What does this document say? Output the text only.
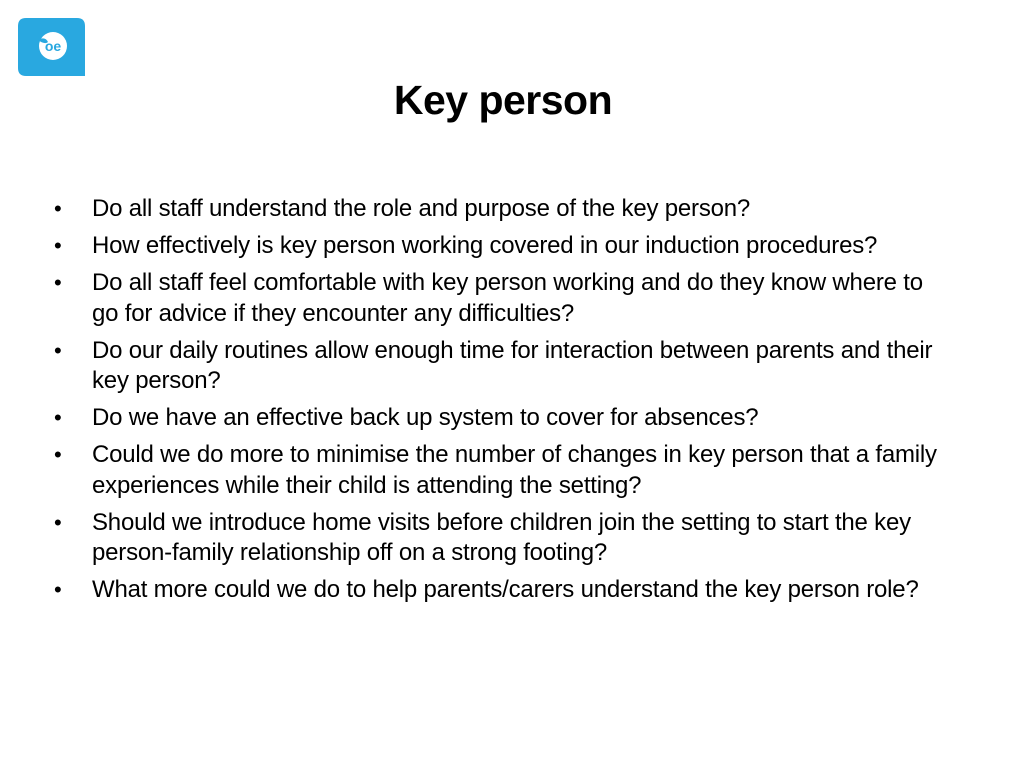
oe
Key person
• Do all staff understand the role and purpose of the key person?
• How effectively is key person working covered in our induction procedures?
• Do all staff feel comfortable with key person working and do they know where to go for advice if they encounter any difficulties?
• Do our daily routines allow enough time for interaction between parents and their key person?
• Do we have an effective back up system to cover for absences?
• Could we do more to minimise the number of changes in key person that a family experiences while their child is attending the setting?
• Should we introduce home visits before children join the setting to start the key person-family relationship off on a strong footing?
• What more could we do to help parents/carers understand the key person role?
